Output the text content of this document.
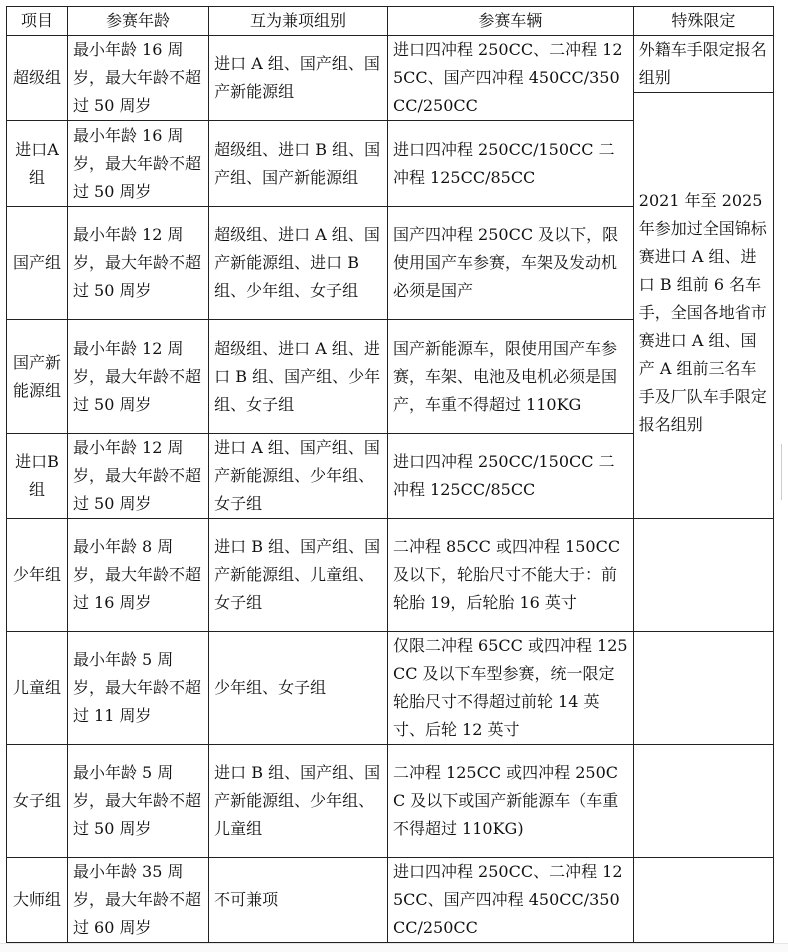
项目	参赛年龄	互为兼项组别	参赛车辆	特殊限定
超级组	最小年龄 16 周岁，最大年龄不超过 50 周岁	进口 A 组、国产组、国产新能源组	进口四冲程 250CC、二冲程 125CC、国产四冲程 450CC/350CC/250CC	外籍车手限定报名组别
				2021 年至 2025 年参加过全国锦标赛进口 A 组、进口 B 组前 6 名车手，全国各地省市赛进口 A 组、国产 A 组前三名车手及厂队车手限定报名组别
进口A组	最小年龄 16 周岁，最大年龄不超过 50 周岁	超级组、进口 B 组、国产组、国产新能源组	进口四冲程 250CC/150CC 二冲程 125CC/85CC	
国产组	最小年龄 12 周岁，最大年龄不超过 50 周岁	超级组、进口 A 组、国产新能源组、进口 B 组、少年组、女子组	国产四冲程 250CC 及以下，限使用国产车参赛，车架及发动机必须是国产	
国产新能源组	最小年龄 12 周岁，最大年龄不超过 50 周岁	超级组、进口 A 组、进口 B 组、国产组、少年组、女子组	国产新能源车，限使用国产车参赛，车架、电池及电机必须是国产，车重不得超过 110KG	
进口B组	最小年龄 12 周岁，最大年龄不超过 50 周岁	进口 A 组、国产组、国产新能源组、少年组、女子组	进口四冲程 250CC/150CC 二冲程 125CC/85CC	
少年组	最小年龄 8 周岁，最大年龄不超过 16 周岁	进口 B 组、国产组、国产新能源组、儿童组、女子组	二冲程 85CC 或四冲程 150CC 及以下，轮胎尺寸不能大于：前轮胎 19，后轮胎 16 英寸	
儿童组	最小年龄 5 周岁，最大年龄不超过 11 周岁	少年组、女子组	仅限二冲程 65CC 或四冲程 125CC 及以下车型参赛，统一限定轮胎尺寸不得超过前轮 14 英寸、后轮 12 英寸	
女子组	最小年龄 5 周岁，最大年龄不超过 50 周岁	进口 B 组、国产组、国产新能源组、少年组、儿童组	二冲程 125CC 或四冲程 250CC 及以下或国产新能源车（车重不得超过 110KG)	
大师组	最小年龄 35 周岁，最大年龄不超过 60 周岁	不可兼项	进口四冲程 250CC、二冲程 125CC、国产四冲程 450CC/350CC/250CC	
